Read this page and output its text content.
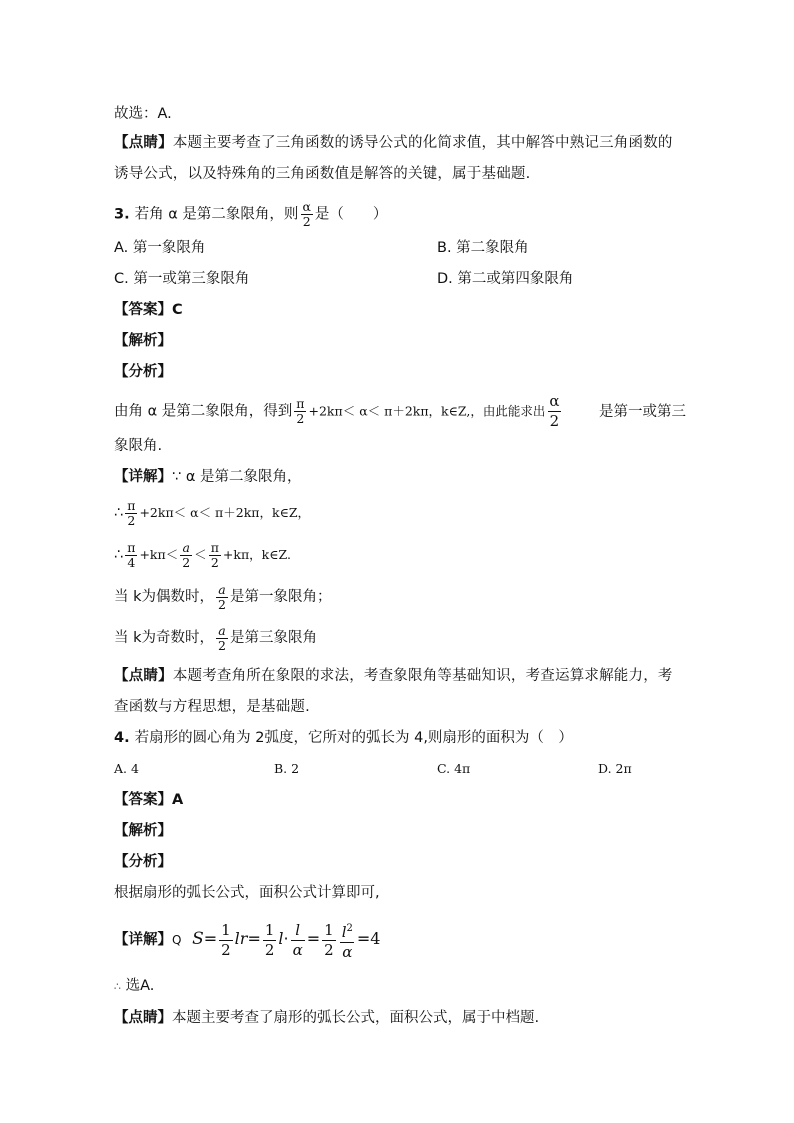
故选：A.
【点睛】本题主要考查了三角函数的诱导公式的化简求值，其中解答中熟记三角函数的诱导公式，以及特殊角的三角函数值是解答的关键，属于基础题.
3. 若角 α 是第二象限角，则 $\frac{\alpha}{2}$ 是（　　）
A. 第一象限角	B. 第二象限角
C. 第一或第三象限角	D. 第二或第四象限角
【答案】C
【解析】
【分析】
由角 α 是第二象限角，得到 $\frac{\pi}{2} +2k\pi< \alpha< \pi+2k\pi$，k∈Z,，由此能求出 $\frac{\alpha}{2}$	是第一或第三
象限角.
【详解】∵ α 是第二象限角，
∴ $\frac{\pi}{2} +2k\pi< \alpha< \pi+2k\pi$，k∈Z，
∴ $\frac{\pi}{4} +k\pi< \frac{a}{2} < \frac{\pi}{2} +k\pi$，k∈Z.
当 k为偶数时， $\frac{a}{2}$ 是第一象限角；
当 k为奇数时， $\frac{a}{2}$ 是第三象限角
【点睛】本题考查角所在象限的求法，考查象限角等基础知识，考查运算求解能力，考查函数与方程思想，是基础题.
4. 若扇形的圆心角为 2弧度，它所对的弧长为 4,则扇形的面积为（　）
A. 4	B. 2	C. 4π	D. 2π
【答案】A
【解析】
【分析】
根据扇形的弧长公式，面积公式计算即可,
【详解】Q $S= \frac{1}{2} lr= \frac{1}{2} l\cdot \frac{l}{\alpha} = \frac{1}{2} \frac{l^2}{\alpha} =4$
∴ 选A.
【点睛】本题主要考查了扇形的弧长公式，面积公式，属于中档题.
